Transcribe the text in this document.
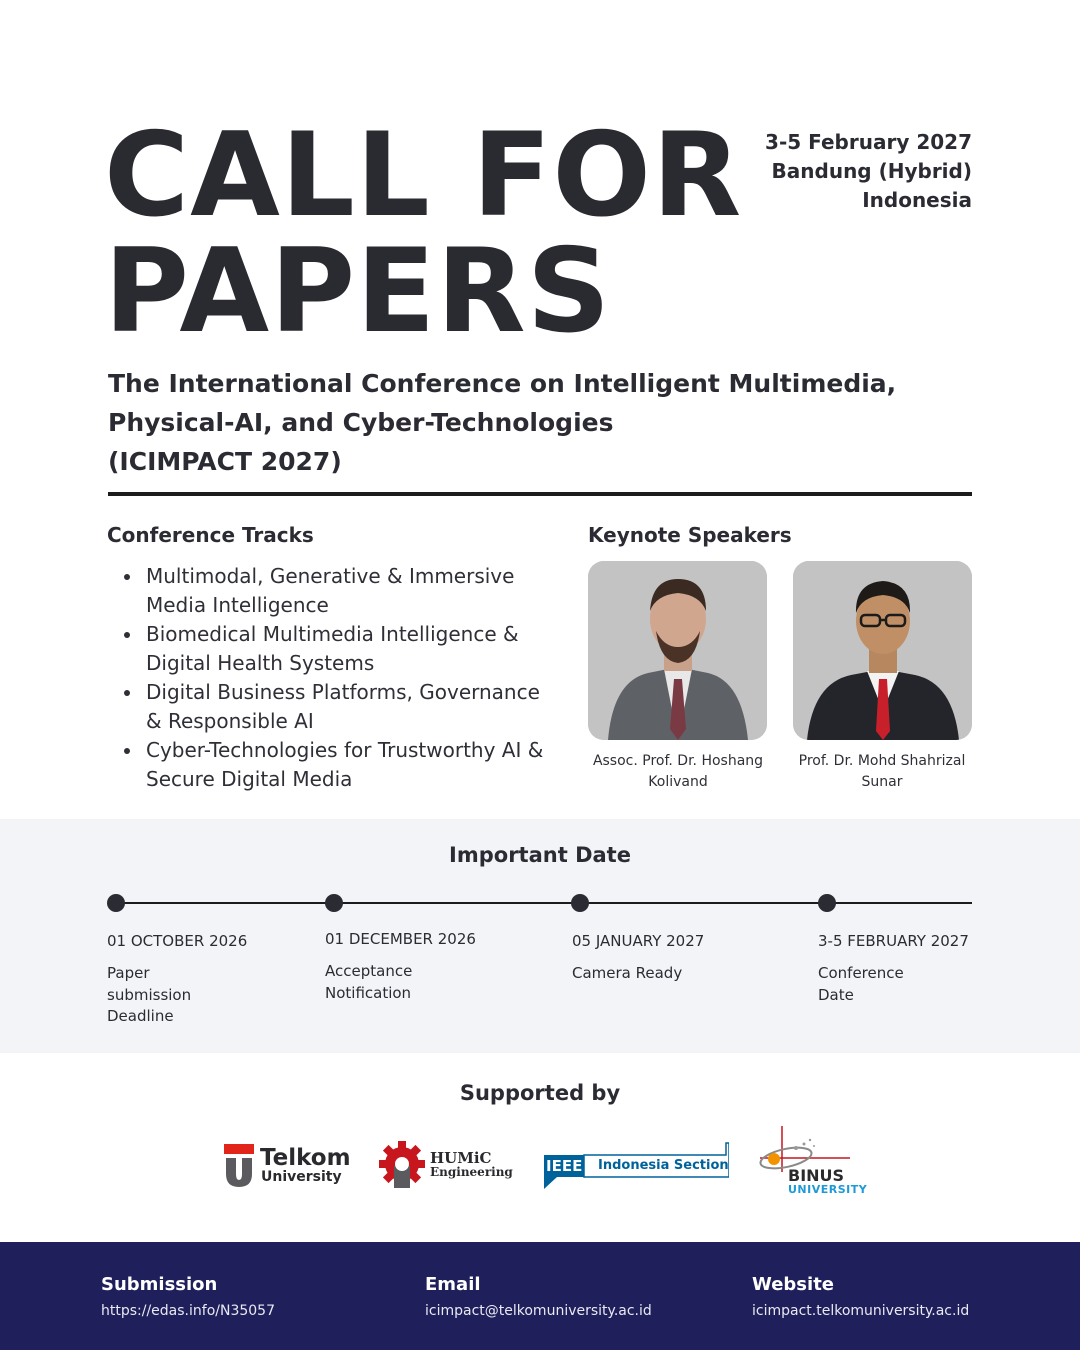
CALL FOR
PAPERS
3-5 February 2027
Bandung (Hybrid)
Indonesia
The International Conference on Intelligent Multimedia,
Physical-AI, and Cyber-Technologies
(ICIMPACT 2027)
Conference Tracks
Multimodal, Generative & Immersive Media Intelligence
Biomedical Multimedia Intelligence & Digital Health Systems
Digital Business Platforms, Governance & Responsible AI
Cyber-Technologies for Trustworthy AI & Secure Digital Media
Keynote Speakers
Assoc. Prof. Dr. Hoshang
Kolivand
Prof. Dr. Mohd Shahrizal
Sunar
Important Date
01 OCTOBER 2026
Paper submission Deadline
01 DECEMBER 2026
Acceptance Notification
05 JANUARY 2027
Camera Ready
3-5 FEBRUARY 2027
Conference Date
Supported by
Telkom
University
HUMiC
Engineering IEEE Indonesia Section
BINUS
UNIVERSITY
Submission
https://edas.info/N35057
Email
icimpact@telkomuniversity.ac.id
Website
icimpact.telkomuniversity.ac.id
